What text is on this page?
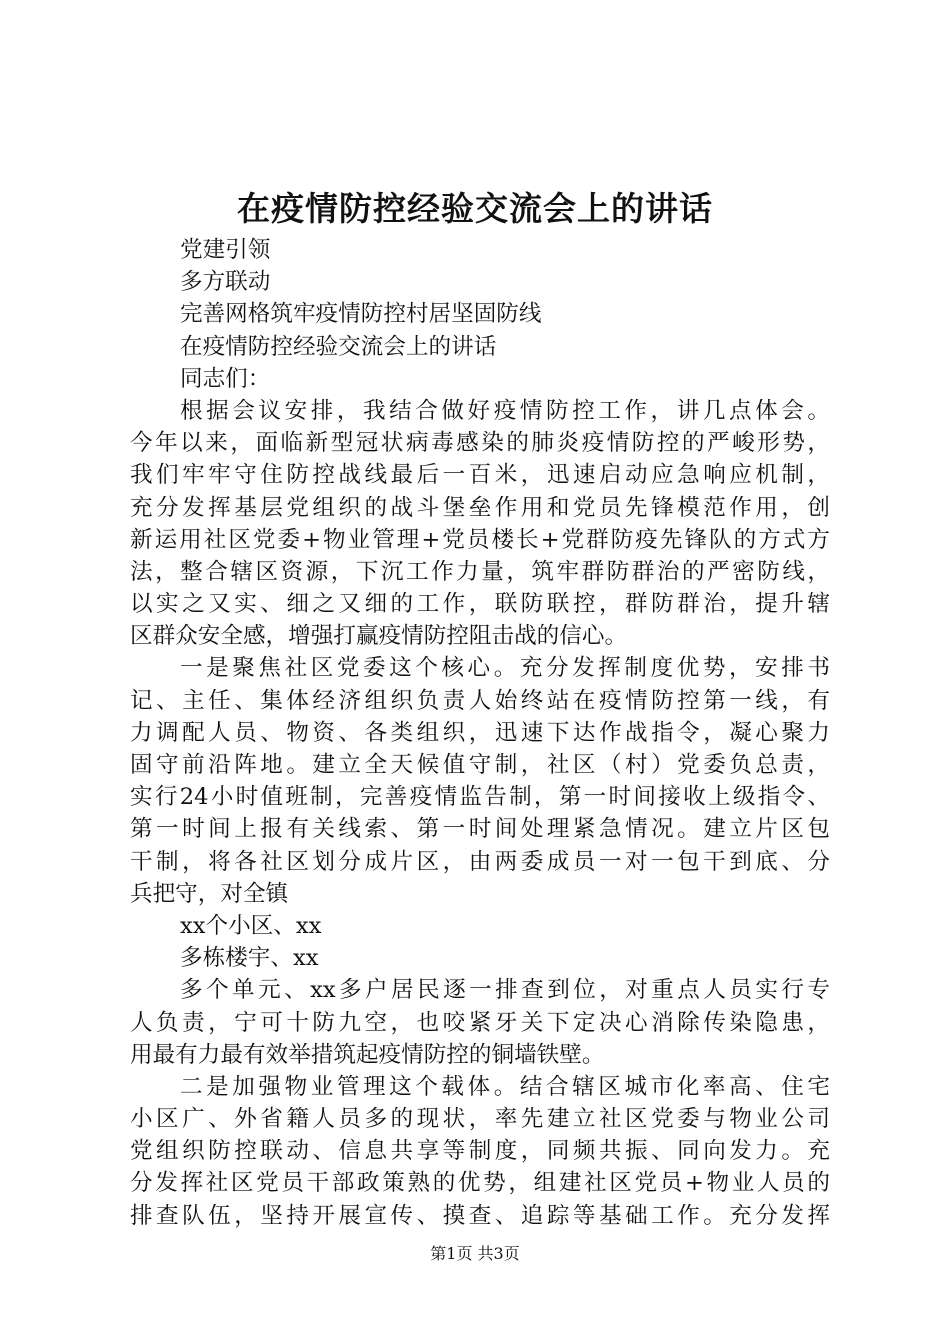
在疫情防控经验交流会上的讲话
党建引领
多方联动
完善网格筑牢疫情防控村居坚固防线
在疫情防控经验交流会上的讲话
同志们：
根据会议安排，我结合做好疫情防控工作，讲几点体会。
今年以来，面临新型冠状病毒感染的肺炎疫情防控的严峻形势，
我们牢牢守住防控战线最后一百米，迅速启动应急响应机制，
充分发挥基层党组织的战斗堡垒作用和党员先锋模范作用，创
新运用社区党委+物业管理+党员楼长+党群防疫先锋队的方式方
法，整合辖区资源，下沉工作力量，筑牢群防群治的严密防线，
以实之又实、细之又细的工作，联防联控，群防群治，提升辖
区群众安全感，增强打赢疫情防控阻击战的信心。
一是聚焦社区党委这个核心。充分发挥制度优势，安排书
记、主任、集体经济组织负责人始终站在疫情防控第一线，有
力调配人员、物资、各类组织，迅速下达作战指令，凝心聚力
固守前沿阵地。建立全天候值守制，社区（村）党委负总责，
实行24小时值班制，完善疫情监告制，第一时间接收上级指令、
第一时间上报有关线索、第一时间处理紧急情况。建立片区包
干制，将各社区划分成片区，由两委成员一对一包干到底、分
兵把守，对全镇
xx个小区、xx
多栋楼宇、xx
多个单元、xx多户居民逐一排查到位，对重点人员实行专
人负责，宁可十防九空，也咬紧牙关下定决心消除传染隐患，
用最有力最有效举措筑起疫情防控的铜墙铁壁。
二是加强物业管理这个载体。结合辖区城市化率高、住宅
小区广、外省籍人员多的现状，率先建立社区党委与物业公司
党组织防控联动、信息共享等制度，同频共振、同向发力。充
分发挥社区党员干部政策熟的优势，组建社区党员+物业人员的
排查队伍，坚持开展宣传、摸查、追踪等基础工作。充分发挥
第1页 共3页
